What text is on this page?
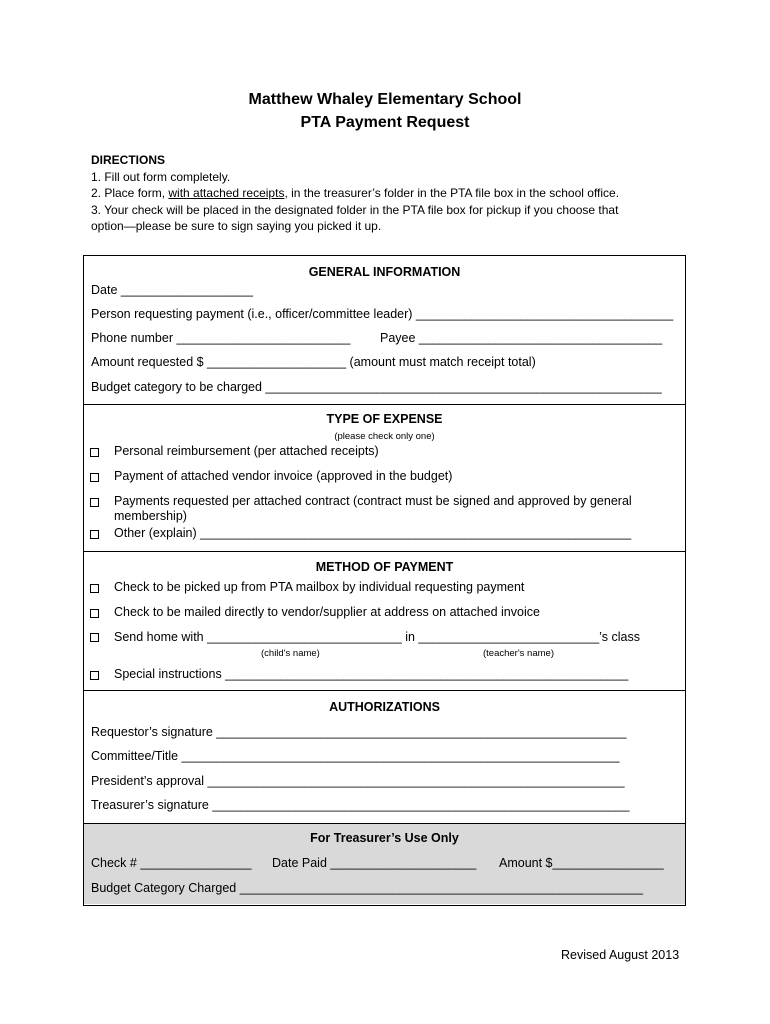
Matthew Whaley Elementary School
PTA Payment Request
DIRECTIONS
1. Fill out form completely.
2. Place form, with attached receipts, in the treasurer’s folder in the PTA file box in the school office.
3. Your check will be placed in the designated folder in the PTA file box for pickup if you choose that
option—please be sure to sign saying you picked it up.
GENERAL INFORMATION
Date ___________________
Person requesting payment (i.e., officer/committee leader) _____________________________________
Phone number _________________________ Payee ___________________________________
Amount requested $ ____________________ (amount must match receipt total)
Budget category to be charged _________________________________________________________
TYPE OF EXPENSE
(please check only one)
Personal reimbursement (per attached receipts)
Payment of attached vendor invoice (approved in the budget)
Payments requested per attached contract (contract must be signed and approved by general
membership)
Other (explain) ______________________________________________________________
METHOD OF PAYMENT
Check to be picked up from PTA mailbox by individual requesting payment
Check to be mailed directly to vendor/supplier at address on attached invoice
Send home with ____________________________ in __________________________’s class
(child's name)	(teacher's name)
Special instructions __________________________________________________________
AUTHORIZATIONS
Requestor’s signature ___________________________________________________________
Committee/Title _______________________________________________________________
President’s approval ____________________________________________________________
Treasurer’s signature ____________________________________________________________
For Treasurer’s Use Only
Check # ________________ Date Paid _____________________ Amount $________________
Budget Category Charged __________________________________________________________
Revised August 2013
